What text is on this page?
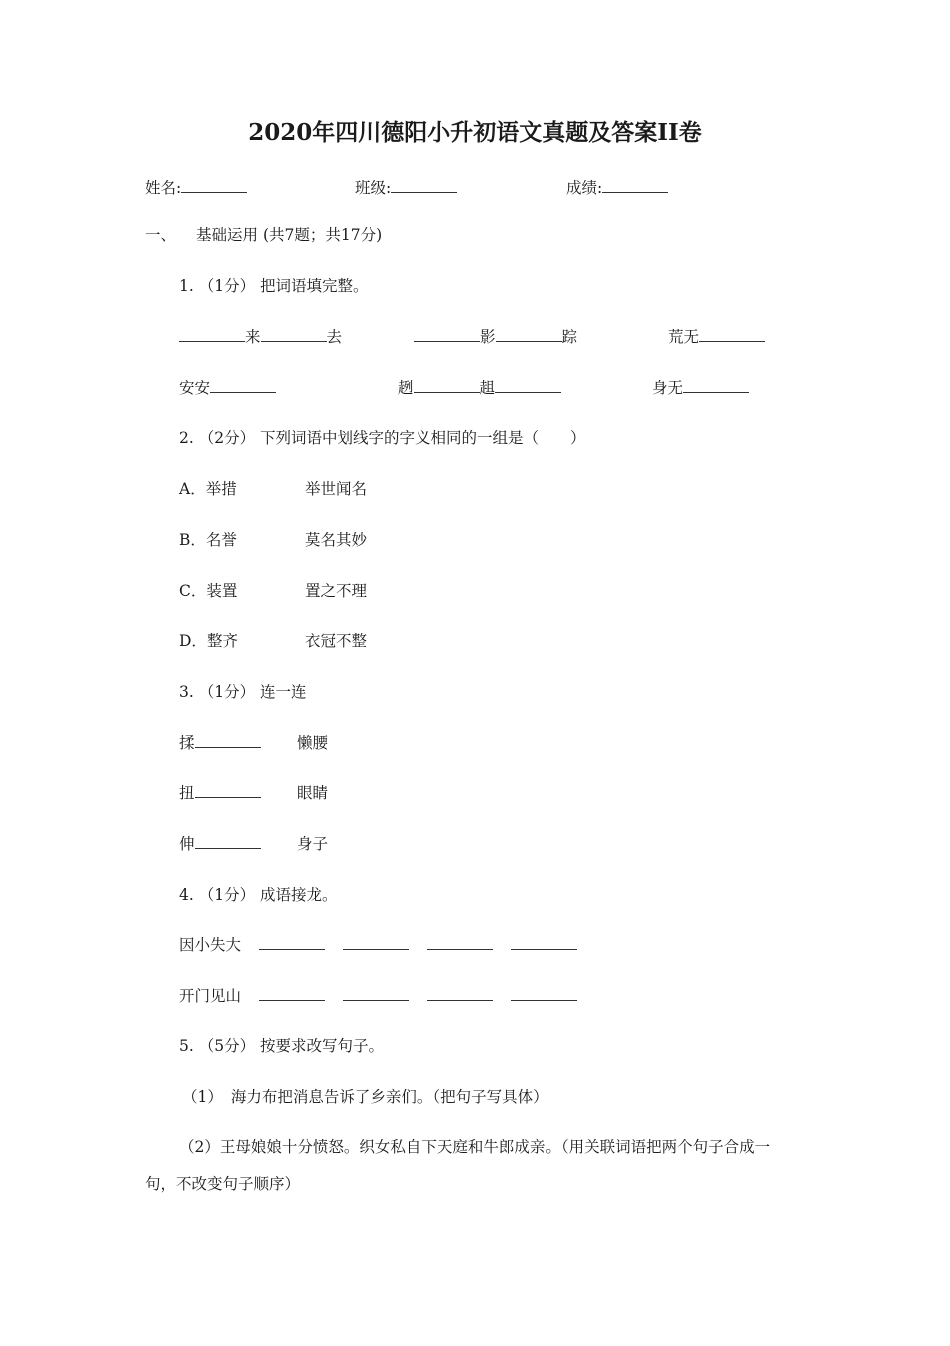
2020年四川德阳小升初语文真题及答案II卷
姓名:	班级:	成绩:
一、 基础运用 (共7题；共17分)
1. （1分） 把词语填完整。
来	去	影	踪	荒无
安安	趔	趄	身无
2. （2分） 下列词语中划线字的字义相同的一组是（　　）
A．举措	举世闻名
B．名誉	莫名其妙
C．装置	置之不理
D．整齐	衣冠不整
3. （1分） 连一连
揉	懒腰
扭	眼睛
伸	身子
4. （1分） 成语接龙。
因小失大
开门见山
5. （5分） 按要求改写句子。
（1） 海力布把消息告诉了乡亲们。（把句子写具体）
（2）王母娘娘十分愤怒。织女私自下天庭和牛郎成亲。（用关联词语把两个句子合成一
句，不改变句子顺序）
